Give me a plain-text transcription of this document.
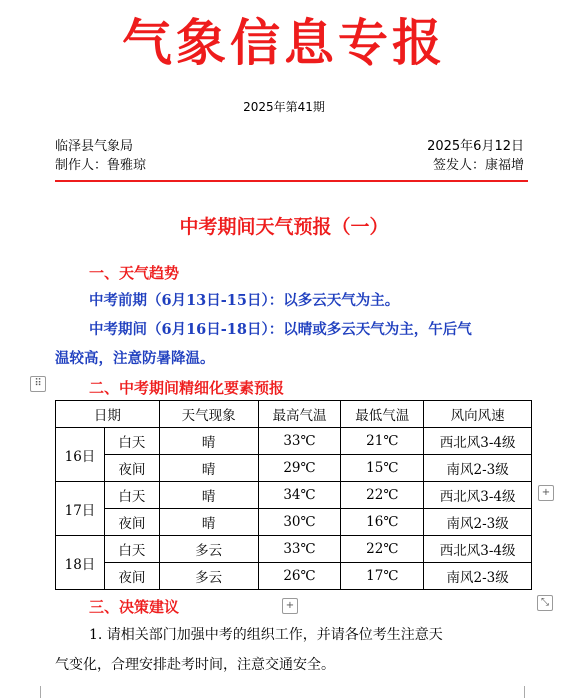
气象信息专报
2025年第41期
临泽县气象局
制作人：鲁雅琼
2025年6月12日
签发人：康福增
中考期间天气预报（一）
一、天气趋势
中考前期（6月13日-15日）：以多云天气为主。
中考期间（6月16日-18日）：以晴或多云天气为主，午后气
温较高，注意防暑降温。
⠿	二、中考期间精细化要素预报
日期		天气现象	最高气温	最低气温	风向风速
16日	白天	晴	33℃	21℃	西北风3-4级
	夜间	晴	29℃	15℃	南风2-3级
17日	白天	晴	34℃	22℃	西北风3-4级
	夜间	晴	30℃	16℃	南风2-3级
18日	白天	多云	33℃	22℃	西北风3-4级
	夜间	多云	26℃	17℃	南风2-3级
+
+	⤡
三、决策建议
1. 请相关部门加强中考的组织工作，并请各位考生注意天
气变化，合理安排赴考时间，注意交通安全。
